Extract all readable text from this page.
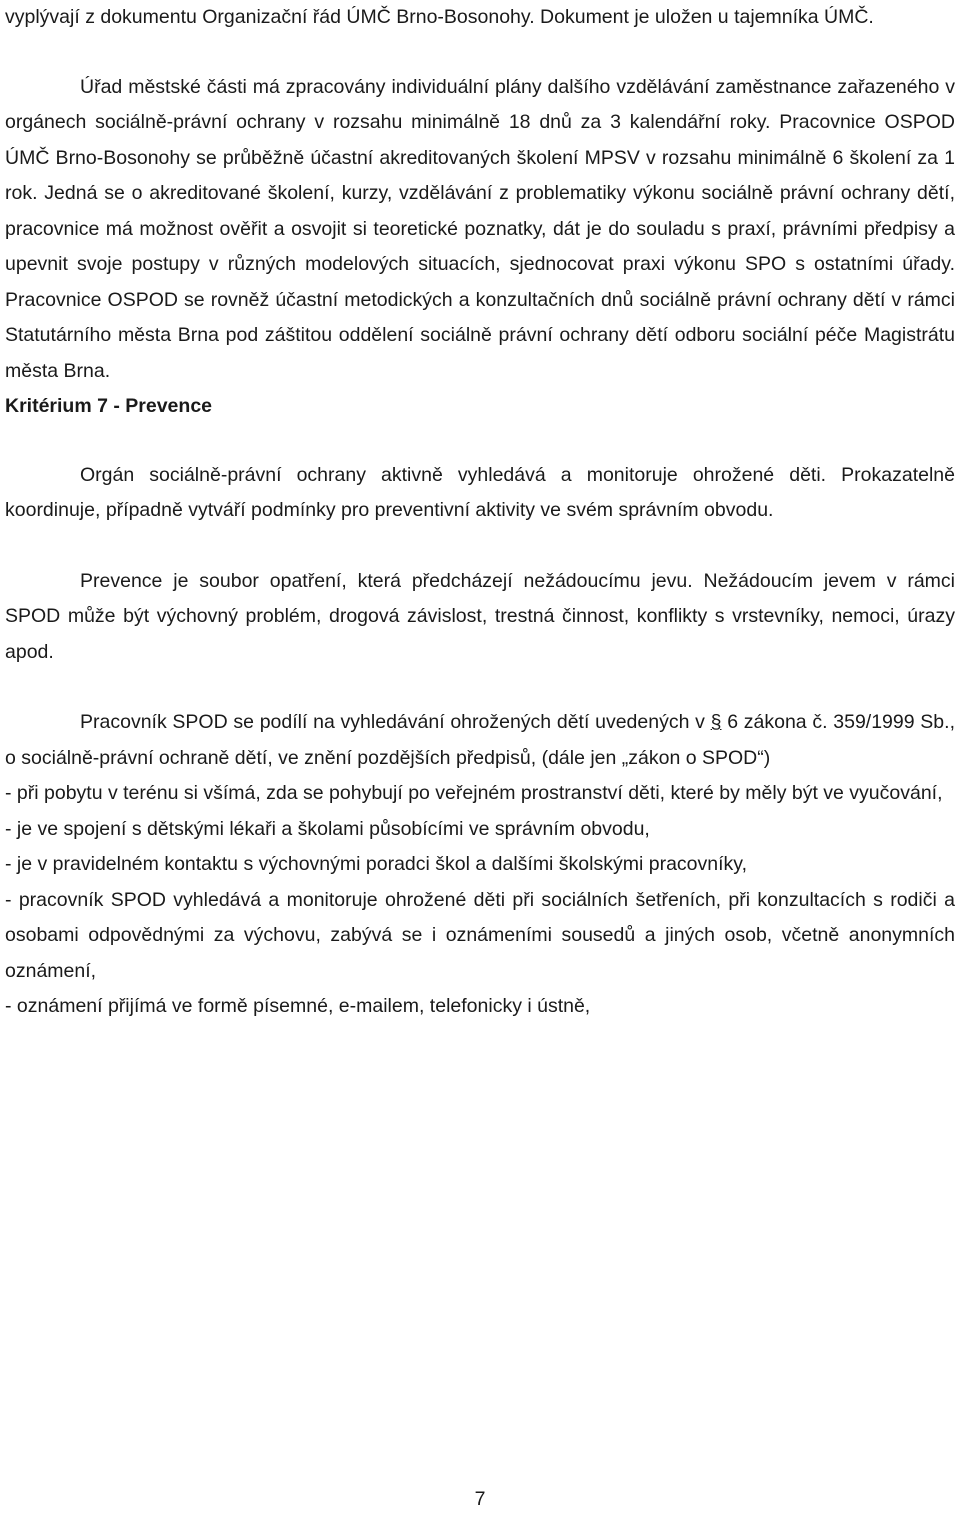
vyplývají z dokumentu Organizační řád ÚMČ Brno-Bosonohy. Dokument je uložen u tajemníka ÚMČ.

Úřad městské části má zpracovány individuální plány dalšího vzdělávání zaměstnance zařazeného v orgánech sociálně-právní ochrany v rozsahu minimálně 18 dnů za 3 kalendářní roky. Pracovnice OSPOD ÚMČ Brno-Bosonohy se průběžně účastní akreditovaných školení MPSV v rozsahu minimálně 6 školení za 1 rok. Jedná se o akreditované školení, kurzy, vzdělávání z problematiky výkonu sociálně právní ochrany dětí, pracovnice má možnost ověřit a osvojit si teoretické poznatky, dát je do souladu s praxí, právními předpisy a upevnit svoje postupy v různých modelových situacích, sjednocovat praxi výkonu SPO s ostatními úřady. Pracovnice OSPOD se rovněž účastní metodických a konzultačních dnů sociálně právní ochrany dětí v rámci Statutárního města Brna pod záštitou oddělení sociálně právní ochrany dětí odboru sociální péče Magistrátu města Brna.

Kritérium 7 - Prevence

Orgán sociálně-právní ochrany aktivně vyhledává a monitoruje ohrožené děti. Prokazatelně koordinuje, případně vytváří podmínky pro preventivní aktivity ve svém správním obvodu.

Prevence je soubor opatření, která předcházejí nežádoucímu jevu. Nežádoucím jevem v rámci SPOD může být výchovný problém, drogová závislost, trestná činnost, konflikty s vrstevníky, nemoci, úrazy apod.

Pracovník SPOD se podílí na vyhledávání ohrožených dětí uvedených v § 6 zákona č. 359/1999 Sb., o sociálně-právní ochraně dětí, ve znění pozdějších předpisů, (dále jen „zákon o SPOD“)

- při pobytu v terénu si všímá, zda se pohybují po veřejném prostranství děti, které by měly být ve vyučování,

- je ve spojení s dětskými lékaři a školami působícími ve správním obvodu,

- je v pravidelném kontaktu s výchovnými poradci škol a dalšími školskými pracovníky,

- pracovník SPOD vyhledává a monitoruje ohrožené děti při sociálních šetřeních, při konzultacích s rodiči a osobami odpovědnými za výchovu, zabývá se i oznámeními sousedů a jiných osob, včetně anonymních oznámení,

- oznámení přijímá ve formě písemné, e-mailem, telefonicky i ústně,

7
